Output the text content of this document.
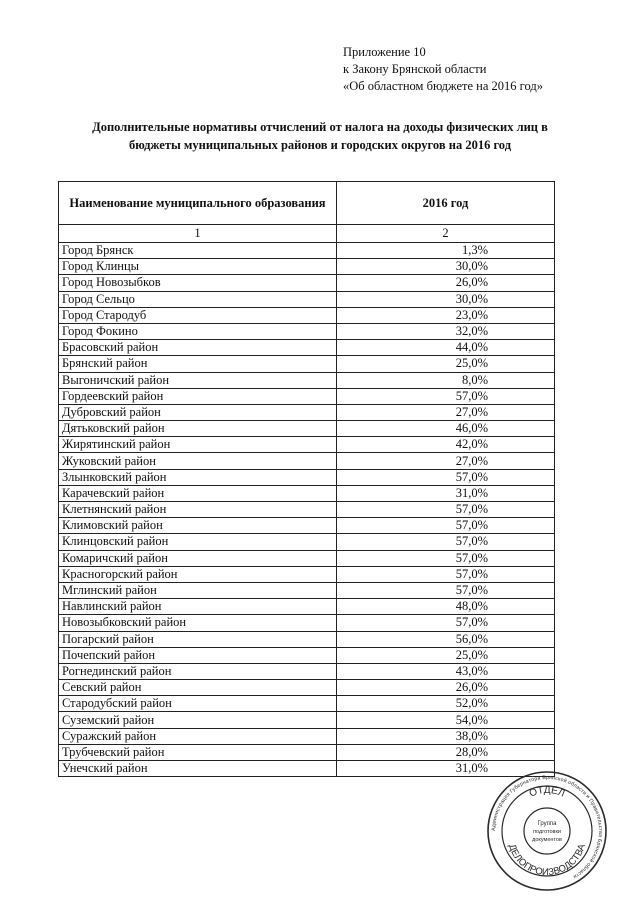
Приложение 10
к Закону Брянской области
«Об областном бюджете на 2016 год»
Дополнительные нормативы отчислений от налога на доходы физических лиц в
бюджеты муниципальных районов и городских округов на 2016 год
Наименование муниципального образования	2016 год
1	2
Город Брянск	1,3%
Город Клинцы	30,0%
Город Новозыбков	26,0%
Город Сельцо	30,0%
Город Стародуб	23,0%
Город Фокино	32,0%
Брасовский район	44,0%
Брянский район	25,0%
Выгоничский район	8,0%
Гордеевский район	57,0%
Дубровский район	27,0%
Дятьковский район	46,0%
Жирятинский район	42,0%
Жуковский район	27,0%
Злынковский район	57,0%
Карачевский район	31,0%
Клетнянский район	57,0%
Климовский район	57,0%
Клинцовский район	57,0%
Комаричский район	57,0%
Красногорский район	57,0%
Мглинский район	57,0%
Навлинский район	48,0%
Новозыбковский район	57,0%
Погарский район	56,0%
Почепский район	25,0%
Рогнединский район	43,0%
Севский район	26,0%
Стародубский район	52,0%
Суземский район	54,0%
Суражский район	38,0%
Трубчевский район	28,0%
Унечский район	31,0%
Администрация Губернатора Брянской области и Правительства Брянской области
ОТДЕЛ
ДЕЛОПРОИЗВОДСТВА
Группа
подготовки
документов
